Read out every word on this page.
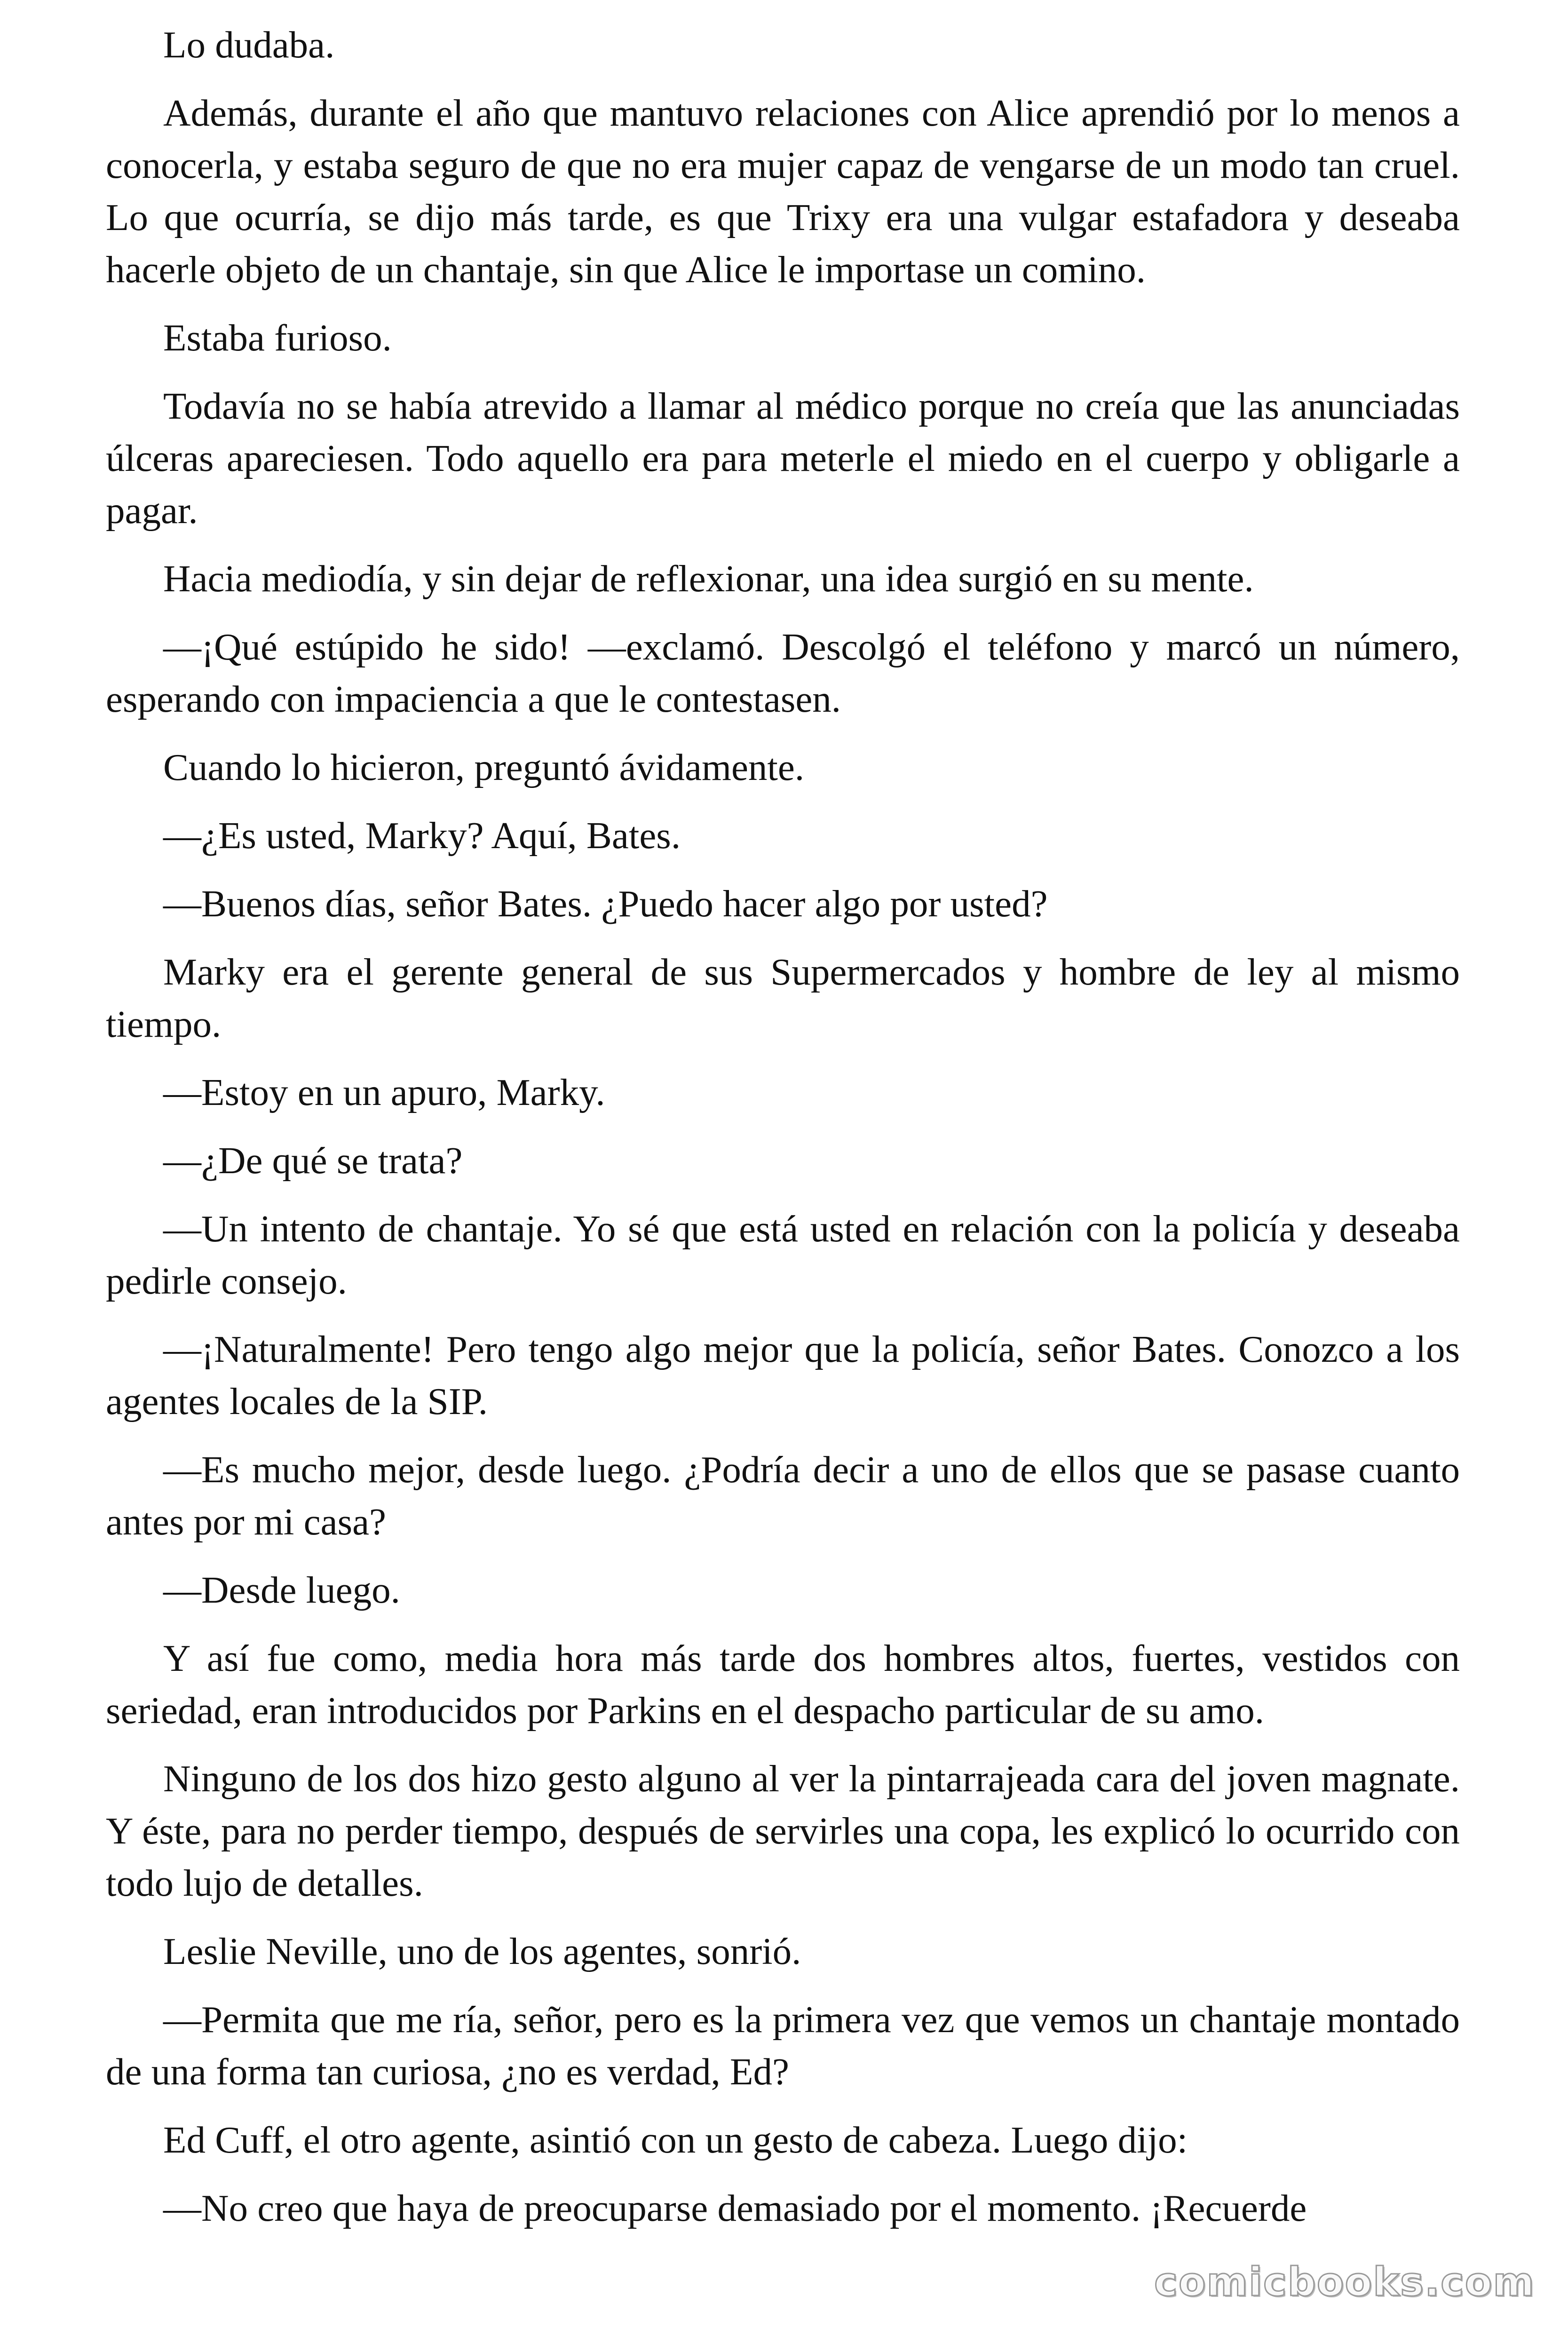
Lo dudaba.

Además, durante el año que mantuvo relaciones con Alice aprendió por lo menos a conocerla, y estaba seguro de que no era mujer capaz de vengarse de un modo tan cruel. Lo que ocurría, se dijo más tarde, es que Trixy era una vulgar estafadora y deseaba hacerle objeto de un chantaje, sin que Alice le importase un comino.

Estaba furioso.

Todavía no se había atrevido a llamar al médico porque no creía que las anunciadas úlceras apareciesen. Todo aquello era para meterle el miedo en el cuerpo y obligarle a pagar.

Hacia mediodía, y sin dejar de reflexionar, una idea surgió en su mente.

—¡Qué estúpido he sido! —exclamó. Descolgó el teléfono y marcó un número, esperando con impaciencia a que le contestasen.

Cuando lo hicieron, preguntó ávidamente.

—¿Es usted, Marky? Aquí, Bates.

—Buenos días, señor Bates. ¿Puedo hacer algo por usted?

Marky era el gerente general de sus Supermercados y hombre de ley al mismo tiempo.

—Estoy en un apuro, Marky.

—¿De qué se trata?

—Un intento de chantaje. Yo sé que está usted en relación con la policía y deseaba pedirle consejo.

—¡Naturalmente! Pero tengo algo mejor que la policía, señor Bates. Conozco a los agentes locales de la SIP.

—Es mucho mejor, desde luego. ¿Podría decir a uno de ellos que se pasase cuanto antes por mi casa?

—Desde luego.

Y así fue como, media hora más tarde dos hombres altos, fuertes, vestidos con seriedad, eran introducidos por Parkins en el despacho particular de su amo.

Ninguno de los dos hizo gesto alguno al ver la pintarrajeada cara del joven magnate. Y éste, para no perder tiempo, después de servirles una copa, les explicó lo ocurrido con todo lujo de detalles.

Leslie Neville, uno de los agentes, sonrió.

—Permita que me ría, señor, pero es la primera vez que vemos un chantaje montado de una forma tan curiosa, ¿no es verdad, Ed?

Ed Cuff, el otro agente, asintió con un gesto de cabeza. Luego dijo:

—No creo que haya de preocuparse demasiado por el momento. ¡Recuerde

comicbooks.com
